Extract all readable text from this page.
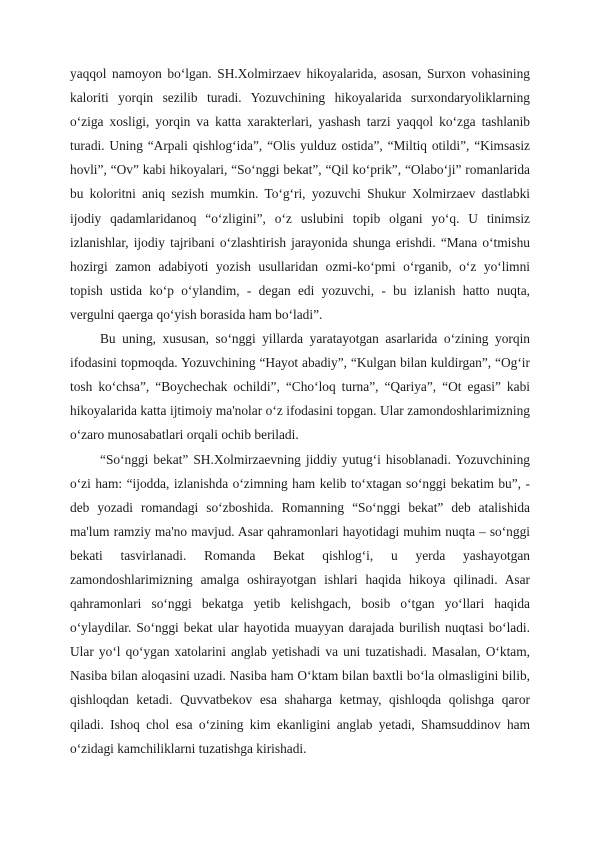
yaqqol namoyon bo‘lgan. SH.Xolmirzaev hikoyalarida, asosan, Surxon vohasining kaloriti yorqin sezilib turadi. Yozuvchining hikoyalarida surxondaryoliklarning o‘ziga xosligi, yorqin va katta xarakterlari, yashash tarzi yaqqol ko‘zga tashlanib turadi. Uning “Arpali qishlog‘ida”, “Olis yulduz ostida”, “Miltiq otildi”, “Kimsasiz hovli”, “Ov” kabi hikoyalari, “So‘nggi bekat”, “Qil ko‘prik”, “Olabo‘ji” romanlarida bu koloritni aniq sezish mumkin. To‘g‘ri, yozuvchi Shukur Xolmirzaev dastlabki ijodiy qadamlaridanoq “o‘zligini”, o‘z uslubini topib olgani yo‘q. U tinimsiz izlanishlar, ijodiy tajribani o‘zlashtirish jarayonida shunga erishdi. “Mana o‘tmishu hozirgi zamon adabiyoti yozish usullaridan ozmi-ko‘pmi o‘rganib, o‘z yo‘limni topish ustida ko‘p o‘ylandim, - degan edi yozuvchi, - bu izlanish hatto nuqta, vergulni qaerga qo‘yish borasida ham bo‘ladi”.

Bu uning, xususan, so‘nggi yillarda yaratayotgan asarlarida o‘zining yorqin ifodasini topmoqda. Yozuvchining “Hayot abadiy”, “Kulgan bilan kuldirgan”, “Og‘ir tosh ko‘chsa”, “Boychechak ochildi”, “Cho‘loq turna”, “Qariya”, “Ot egasi” kabi hikoyalarida katta ijtimoiy ma'nolar o‘z ifodasini topgan. Ular zamondoshlarimizning o‘zaro munosabatlari orqali ochib beriladi.

“So‘nggi bekat” SH.Xolmirzaevning jiddiy yutug‘i hisoblanadi. Yozuvchining o‘zi ham: “ijodda, izlanishda o‘zimning ham kelib to‘xtagan so‘nggi bekatim bu”, - deb yozadi romandagi so‘zboshida. Romanning “So‘nggi bekat” deb atalishida ma'lum ramziy ma'no mavjud. Asar qahramonlari hayotidagi muhim nuqta – so‘nggi bekati tasvirlanadi. Romanda Bekat qishlog‘i, u yerda yashayotgan zamondoshlarimizning amalga oshirayotgan ishlari haqida hikoya qilinadi. Asar qahramonlari so‘nggi bekatga yetib kelishgach, bosib o‘tgan yo‘llari haqida o‘ylaydilar. So‘nggi bekat ular hayotida muayyan darajada burilish nuqtasi bo‘ladi. Ular yo‘l qo‘ygan xatolarini anglab yetishadi va uni tuzatishadi. Masalan, O‘ktam, Nasiba bilan aloqasini uzadi. Nasiba ham O‘ktam bilan baxtli bo‘la olmasligini bilib, qishloqdan ketadi. Quvvatbekov esa shaharga ketmay, qishloqda qolishga qaror qiladi. Ishoq chol esa o‘zining kim ekanligini anglab yetadi, Shamsuddinov ham o‘zidagi kamchiliklarni tuzatishga kirishadi.
